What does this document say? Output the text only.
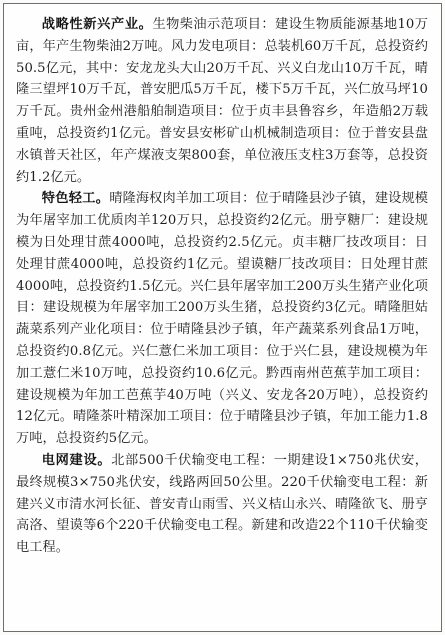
战略性新兴产业。生物柴油示范项目：建设生物质能源基地10万亩，年产生物柴油2万吨。风力发电项目：总装机60万千瓦，总投资约50.5亿元，其中：安龙龙头大山20万千瓦、兴义白龙山10万千瓦，晴隆三望坪10万千瓦，普安肥瓜5万千瓦，楼下5万千瓦，兴仁放马坪10万千瓦。贵州金州港船舶制造项目：位于贞丰县鲁容乡，年造船2万载重吨，总投资约1亿元。普安县安彬矿山机械制造项目：位于普安县盘水镇普天社区，年产煤液支架800套，单位液压支柱3万套等，总投资约1.2亿元。

特色轻工。晴隆海权肉羊加工项目：位于晴隆县沙子镇，建设规模为年屠宰加工优质肉羊120万只，总投资约2亿元。册亨糖厂：建设规模为日处理甘蔗4000吨，总投资约2.5亿元。贞丰糖厂技改项目：日处理甘蔗4000吨，总投资约1亿元。望谟糖厂技改项目：日处理甘蔗4000吨，总投资约1.5亿元。兴仁县年屠宰加工200万头生猪产业化项目：建设规模为年屠宰加工200万头生猪，总投资约3亿元。晴隆胆姑蔬菜系列产业化项目：位于晴隆县沙子镇，年产蔬菜系列食品1万吨，总投资约0.8亿元。兴仁薏仁米加工项目：位于兴仁县，建设规模为年加工薏仁米10万吨，总投资约10.6亿元。黔西南州芭蕉芋加工项目：建设规模为年加工芭蕉芋40万吨（兴义、安龙各20万吨），总投资约12亿元。晴隆茶叶精深加工项目：位于晴隆县沙子镇，年加工能力1.8万吨，总投资约5亿元。

电网建设。北部500千伏输变电工程：一期建设1×750兆伏安，最终规模3×750兆伏安，线路两回50公里。220千伏输变电工程：新建兴义市清水河长征、普安青山雨雪、兴义桔山永兴、晴隆欲飞、册亨高洛、望谟等6个220千伏输变电工程。新建和改造22个110千伏输变电工程。
